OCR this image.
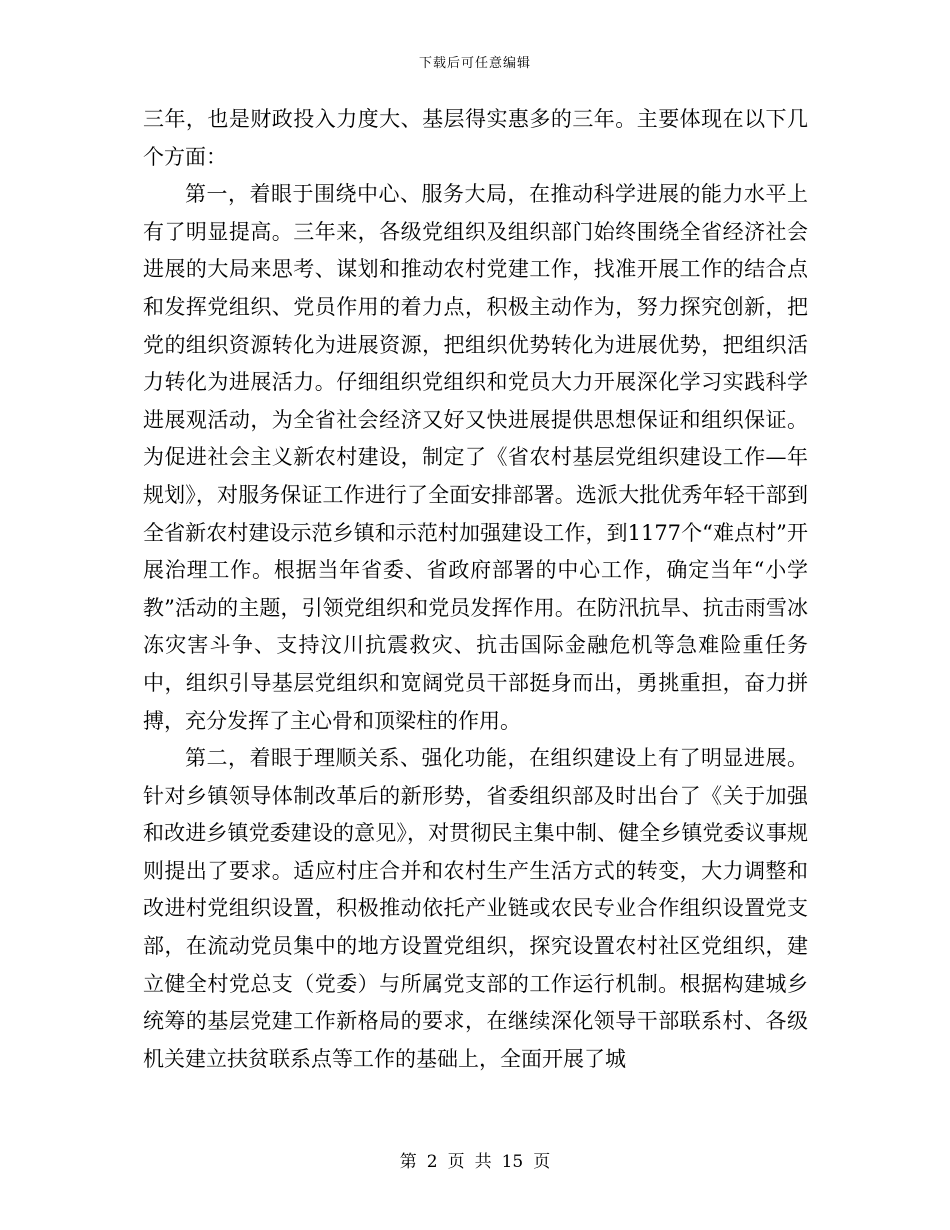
下载后可任意编辑

三年，也是财政投入力度大、基层得实惠多的三年。主要体现在以下几个方面：

第一，着眼于围绕中心、服务大局，在推动科学进展的能力水平上有了明显提高。三年来，各级党组织及组织部门始终围绕全省经济社会进展的大局来思考、谋划和推动农村党建工作，找准开展工作的结合点和发挥党组织、党员作用的着力点，积极主动作为，努力探究创新，把党的组织资源转化为进展资源，把组织优势转化为进展优势，把组织活力转化为进展活力。仔细组织党组织和党员大力开展深化学习实践科学进展观活动，为全省社会经济又好又快进展提供思想保证和组织保证。为促进社会主义新农村建设，制定了《省农村基层党组织建设工作—年规划》，对服务保证工作进行了全面安排部署。选派大批优秀年轻干部到全省新农村建设示范乡镇和示范村加强建设工作，到1177个“难点村”开展治理工作。根据当年省委、省政府部署的中心工作，确定当年“小学教”活动的主题，引领党组织和党员发挥作用。在防汛抗旱、抗击雨雪冰冻灾害斗争、支持汶川抗震救灾、抗击国际金融危机等急难险重任务中，组织引导基层党组织和宽阔党员干部挺身而出，勇挑重担，奋力拼搏，充分发挥了主心骨和顶梁柱的作用。

第二，着眼于理顺关系、强化功能，在组织建设上有了明显进展。针对乡镇领导体制改革后的新形势，省委组织部及时出台了《关于加强和改进乡镇党委建设的意见》，对贯彻民主集中制、健全乡镇党委议事规则提出了要求。适应村庄合并和农村生产生活方式的转变，大力调整和改进村党组织设置，积极推动依托产业链或农民专业合作组织设置党支部，在流动党员集中的地方设置党组织，探究设置农村社区党组织，建立健全村党总支（党委）与所属党支部的工作运行机制。根据构建城乡统筹的基层党建工作新格局的要求，在继续深化领导干部联系村、各级机关建立扶贫联系点等工作的基础上，全面开展了城

第 2 页 共 15 页
